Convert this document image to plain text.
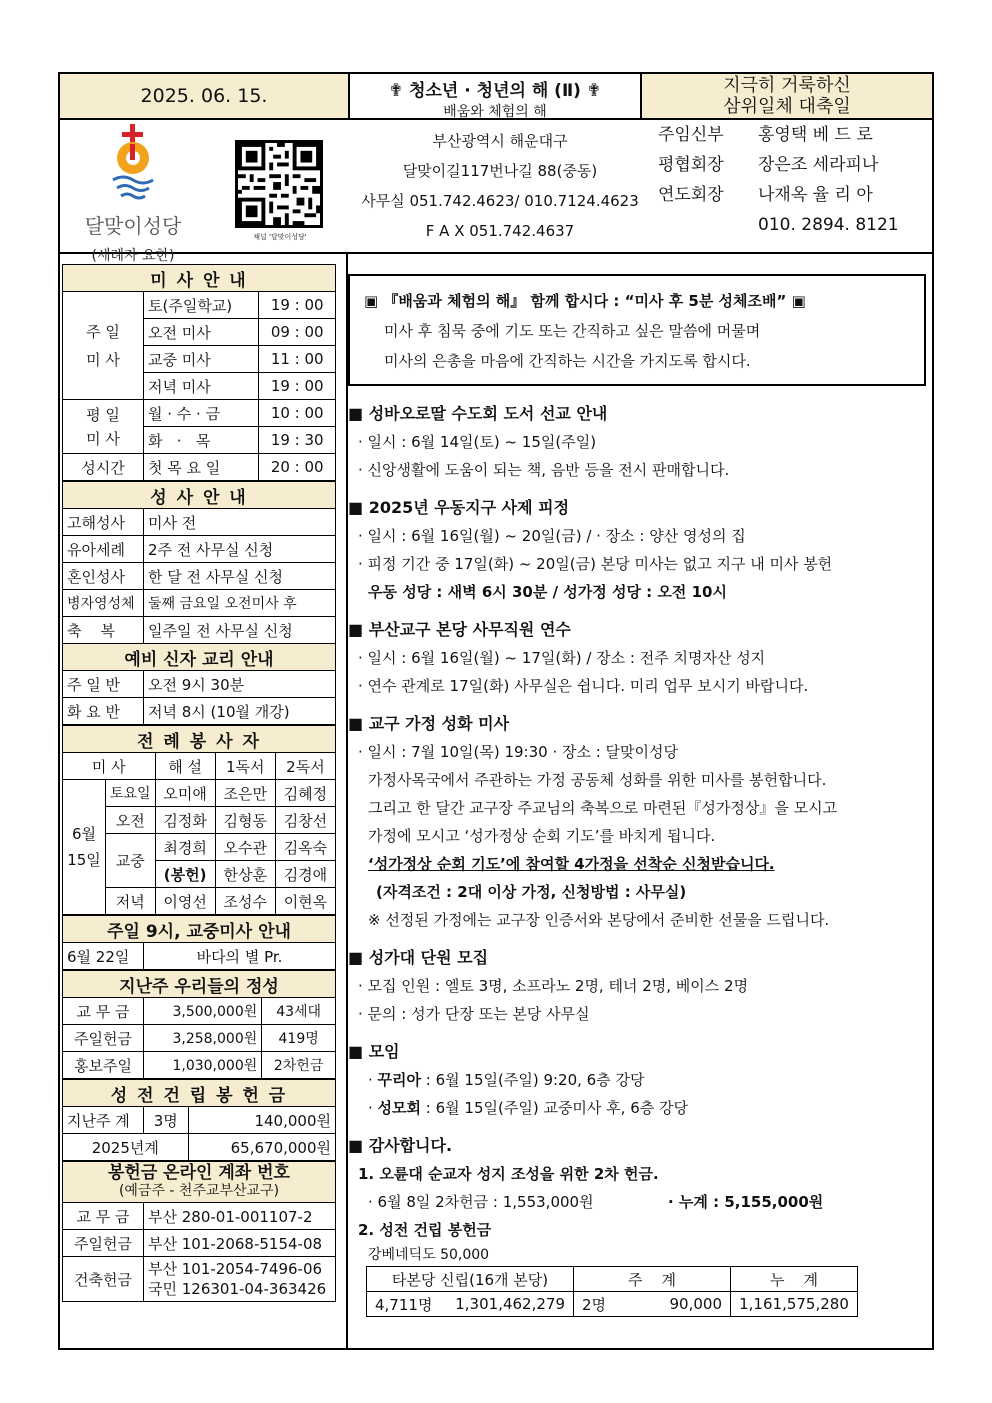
2025. 06. 15.	✟ 청소년 · 청년의 해 (Ⅱ) ✟
배움와 체험의 해
지극히 거룩하신
삼위일체 대축일
달맞이성당
(세례자 요한)
채널 '달맞이성당'
부산광역시 해운대구
달맞이길117번나길 88(중동)
사무실 051.742.4623/ 010.7124.4623
F A X 051.742.4637
주임신부	홍영택 베 드 로
평협회장	장은조 세라피나
연도회장	나재옥 율 리 아
010. 2894. 8121
미 사 안 내		
주 일
미 사	토(주일학교)	19 : 00
	오전 미사	09 : 00
	교중 미사	11 : 00
	저녁 미사	19 : 00
평 일
미 사	월 · 수 · 금	10 : 00
	화   ·   목	19 : 30
성시간	첫 목 요 일	20 : 00
성 사 안 내	
고해성사	미사 전
유아세례	2주 전 사무실 신청
혼인성사	한 달 전 사무실 신청
병자영성체	둘째 금요일 오전미사 후
축    복	일주일 전 사무실 신청
예비 신자 교리 안내	
주 일 반	오전 9시 30분
화 요 반	저녁 8시 (10월 개강)
전 례 봉 사 자				
미 사		해 설	1독서	2독서
6월
15일	토요일	오미애	조은만	김혜정
	오전	김정화	김형동	김창선
	교중	최경희	오수관	김옥숙
		(봉헌)	한상훈	김경애
	저녁	이영선	조성수	이현옥
주일 9시, 교중미사 안내
6월 22일	바다의 별 Pr.
지난주 우리들의 정성		
교 무 금	3,500,000원	43세대
주일헌금	3,258,000원	419명
홍보주일	1,030,000원	2차헌금
성 전 건 립 봉 헌 금		
지난주 계	3명	140,000원
2025년계		65,670,000원
봉헌금 온라인 계좌 번호
(예금주 - 천주교부산교구)	

교 무 금	부산 280-01-001107-2
주일헌금	부산 101-2068-5154-08
건축헌금	부산 101-2054-7496-06
국민 126301-04-363426
▣ 『배움과 체험의 해』 함께 합시다 : “미사 후 5분 성체조배” ▣
미사 후 침묵 중에 기도 또는 간직하고 싶은 말씀에 머물며
미사의 은총을 마음에 간직하는 시간을 가지도록 합시다.
■ 성바오로딸 수도회 도서 선교 안내
· 일시 : 6월 14일(토) ~ 15일(주일)
· 신앙생활에 도움이 되는 책, 음반 등을 전시 판매합니다.
■ 2025년 우동지구 사제 피정
· 일시 : 6월 16일(월) ~ 20일(금) / · 장소 : 양산 영성의 집
· 피정 기간 중 17일(화) ~ 20일(금) 본당 미사는 없고 지구 내 미사 봉헌
우동 성당 : 새벽 6시 30분 / 성가정 성당 : 오전 10시
■ 부산교구 본당 사무직원 연수
· 일시 : 6월 16일(월) ~ 17일(화) / 장소 : 전주 치명자산 성지
· 연수 관계로 17일(화) 사무실은 쉽니다. 미리 업무 보시기 바랍니다.
■ 교구 가정 성화 미사
· 일시 : 7월 10일(목) 19:30 · 장소 : 달맞이성당
가정사목국에서 주관하는 가정 공동체 성화를 위한 미사를 봉헌합니다.
그리고 한 달간 교구장 주교님의 축복으로 마련된『성가정상』을 모시고
가정에 모시고 ‘성가정상 순회 기도’를 바치게 됩니다.
‘성가정상 순회 기도’에 참여할 4가정을 선착순 신청받습니다.
(자격조건 : 2대 이상 가정, 신청방법 : 사무실)
※ 선정된 가정에는 교구장 인증서와 본당에서 준비한 선물을 드립니다.
■ 성가대 단원 모집
· 모집 인원 : 엘토 3명, 소프라노 2명, 테너 2명, 베이스 2명
· 문의 : 성가 단장 또는 본당 사무실
■ 모임
· 꾸리아 : 6월 15일(주일) 9:20, 6층 강당
· 성모회 : 6월 15일(주일) 교중미사 후, 6층 강당
■ 감사합니다.
1. 오륜대 순교자 성지 조성을 위한 2차 헌금.
· 6월 8일 2차헌금 : 1,553,000원	· 누계 : 5,155,000원
2. 성전 건립 봉헌금
강베네딕도 50,000
타본당 신립(16개 본당)		주    계		누    계
4,711명	1,301,462,279	2명	90,000	1,161,575,280
